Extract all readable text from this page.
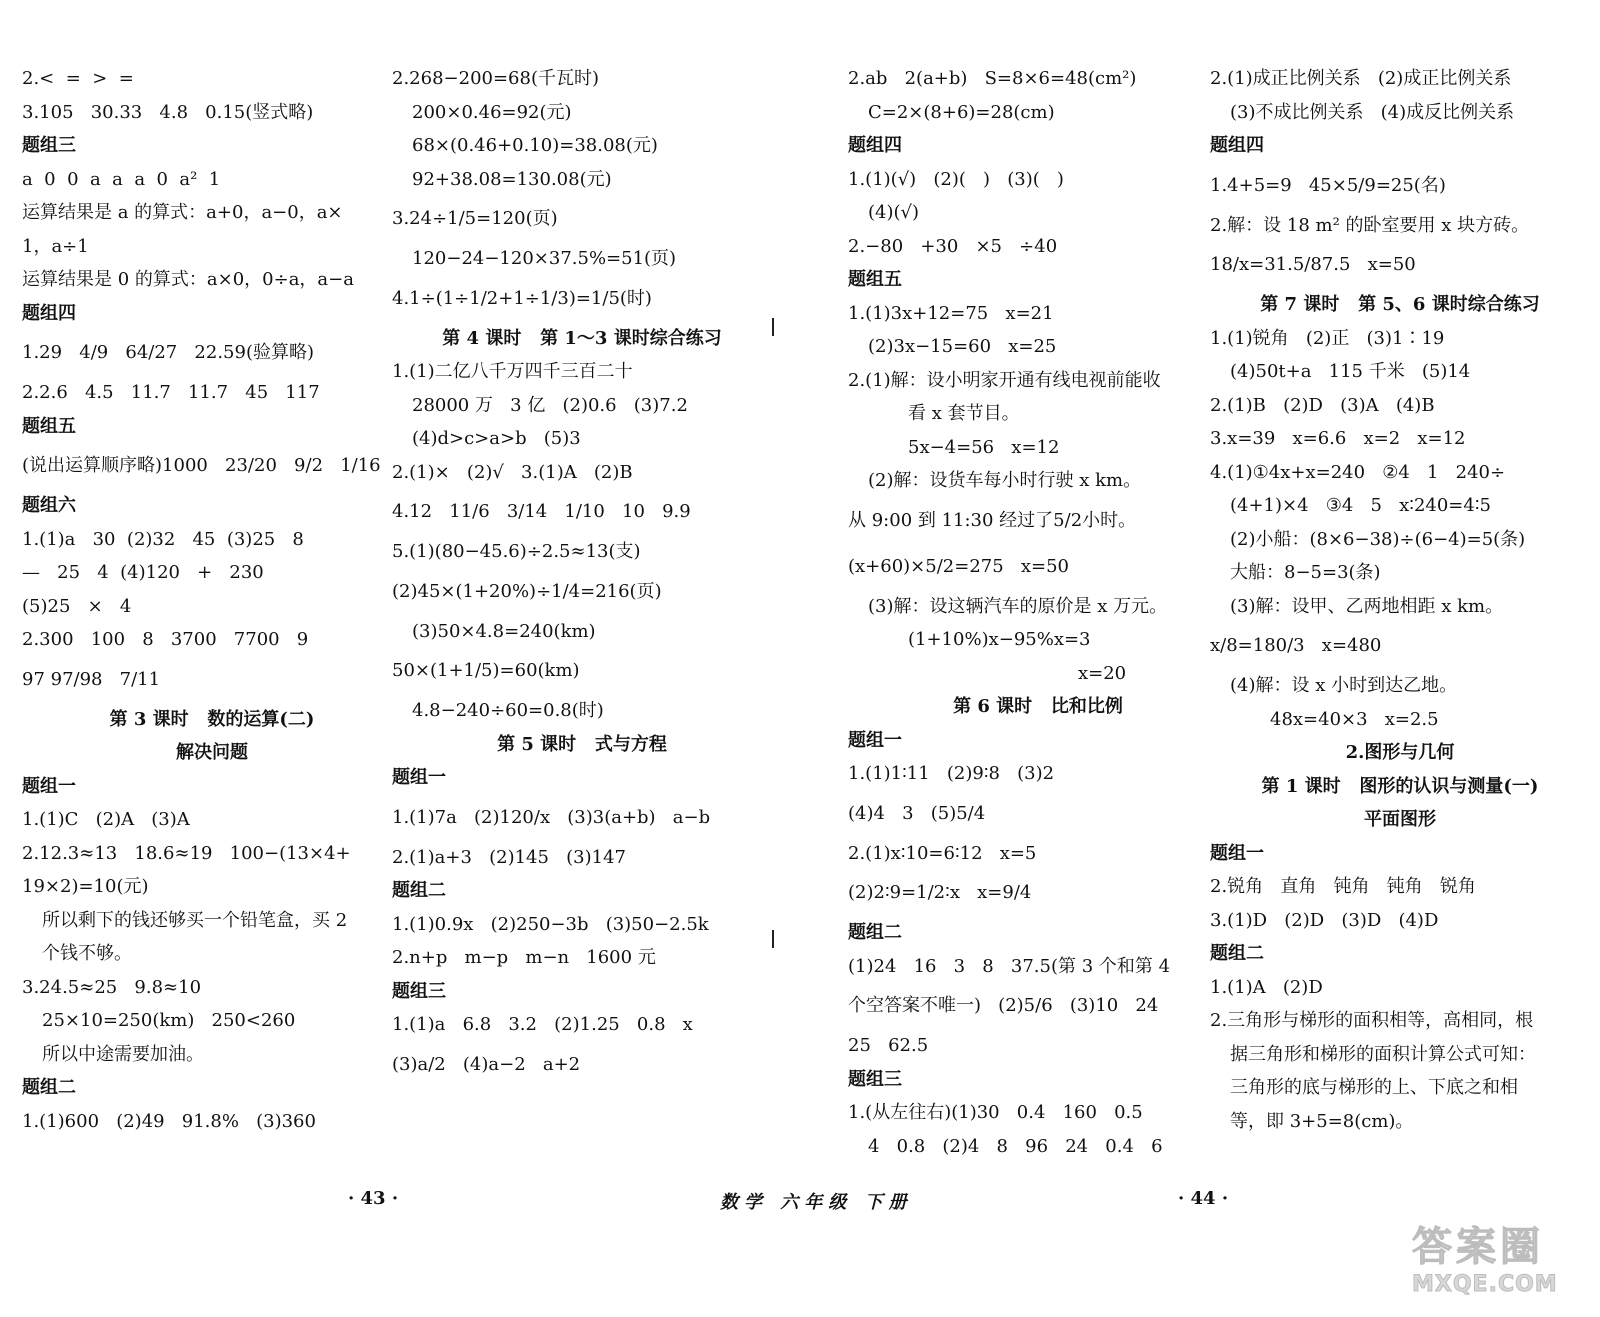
2.<  =  >  =
3.105   30.33   4.8   0.15(竖式略)
题组三
a  0  0  a  a  a  0  a²  1
运算结果是 a 的算式：a+0，a−0，a×
1，a÷1
运算结果是 0 的算式：a×0，0÷a，a−a
题组四
1.29   4/9   64/27   22.59(验算略)
2.2.6   4.5   11.7   11.7   45   117
题组五
(说出运算顺序略)1000   23/20   9/2   1/16
题组六
1.(1)a   30  (2)32   45  (3)25   8
—   25   4  (4)120   +   230
(5)25   ×   4
2.300   100   8   3700   7700   9
97 97/98   7/11
第 3 课时   数的运算(二)
解决问题
题组一
1.(1)C   (2)A   (3)A
2.12.3≈13   18.6≈19   100−(13×4+
19×2)=10(元)
所以剩下的钱还够买一个铅笔盒，买 2
个钱不够。
3.24.5≈25   9.8≈10
25×10=250(km)   250<260
所以中途需要加油。
题组二
1.(1)600   (2)49   91.8%   (3)360
2.268−200=68(千瓦时)
200×0.46=92(元)
68×(0.46+0.10)=38.08(元)
92+38.08=130.08(元)
3.24÷1/5=120(页)
120−24−120×37.5%=51(页)
4.1÷(1÷1/2+1÷1/3)=1/5(时)
第 4 课时   第 1～3 课时综合练习
1.(1)二亿八千万四千三百二十
28000 万   3 亿   (2)0.6   (3)7.2
(4)d>c>a>b   (5)3
2.(1)×   (2)√   3.(1)A   (2)B
4.12   11/6   3/14   1/10   10   9.9
5.(1)(80−45.6)÷2.5≈13(支)
(2)45×(1+20%)÷1/4=216(页)
(3)50×4.8=240(km)
50×(1+1/5)=60(km)
4.8−240÷60=0.8(时)
第 5 课时   式与方程
题组一
1.(1)7a   (2)120/x   (3)3(a+b)   a−b
2.(1)a+3   (2)145   (3)147
题组二
1.(1)0.9x   (2)250−3b   (3)50−2.5k
2.n+p   m−p   m−n   1600 元
题组三
1.(1)a   6.8   3.2   (2)1.25   0.8   x
(3)a/2   (4)a−2   a+2
2.ab   2(a+b)   S=8×6=48(cm²)
C=2×(8+6)=28(cm)
题组四
1.(1)(√)   (2)(   )   (3)(   )
(4)(√)
2.−80   +30   ×5   ÷40
题组五
1.(1)3x+12=75   x=21
(2)3x−15=60   x=25
2.(1)解：设小明家开通有线电视前能收
看 x 套节目。
5x−4=56   x=12
(2)解：设货车每小时行驶 x km。
从 9:00 到 11:30 经过了5/2小时。
(x+60)×5/2=275   x=50
(3)解：设这辆汽车的原价是 x 万元。
(1+10%)x−95%x=3
x=20
第 6 课时   比和比例
题组一
1.(1)1∶11   (2)9∶8   (3)2
(4)4   3   (5)5/4
2.(1)x∶10=6∶12   x=5
(2)2∶9=1/2∶x   x=9/4
题组二
(1)24   16   3   8   37.5(第 3 个和第 4
个空答案不唯一)   (2)5/6   (3)10   24
25   62.5
题组三
1.(从左往右)(1)30   0.4   160   0.5
4   0.8   (2)4   8   96   24   0.4   6
2.(1)成正比例关系   (2)成正比例关系
(3)不成比例关系   (4)成反比例关系
题组四
1.4+5=9   45×5/9=25(名)
2.解：设 18 m² 的卧室要用 x 块方砖。
18/x=31.5/87.5   x=50
第 7 课时   第 5、6 课时综合练习
1.(1)锐角   (2)正   (3)1∶19
(4)50t+a   115 千米   (5)14
2.(1)B   (2)D   (3)A   (4)B
3.x=39   x=6.6   x=2   x=12
4.(1)①4x+x=240   ②4   1   240÷
(4+1)×4   ③4   5   x∶240=4∶5
(2)小船：(8×6−38)÷(6−4)=5(条)
大船：8−5=3(条)
(3)解：设甲、乙两地相距 x km。
x/8=180/3   x=480
(4)解：设 x 小时到达乙地。
48x=40×3   x=2.5
2.图形与几何
第 1 课时   图形的认识与测量(一)
平面图形
题组一
2.锐角   直角   钝角   钝角   锐角
3.(1)D   (2)D   (3)D   (4)D
题组二
1.(1)A   (2)D
2.三角形与梯形的面积相等，高相同，根
据三角形和梯形的面积计算公式可知：
三角形的底与梯形的上、下底之和相
等，即 3+5=8(cm)。
· 43 ·	数学 六年级 下册	· 44 ·
答案圈
MXQE.COM
